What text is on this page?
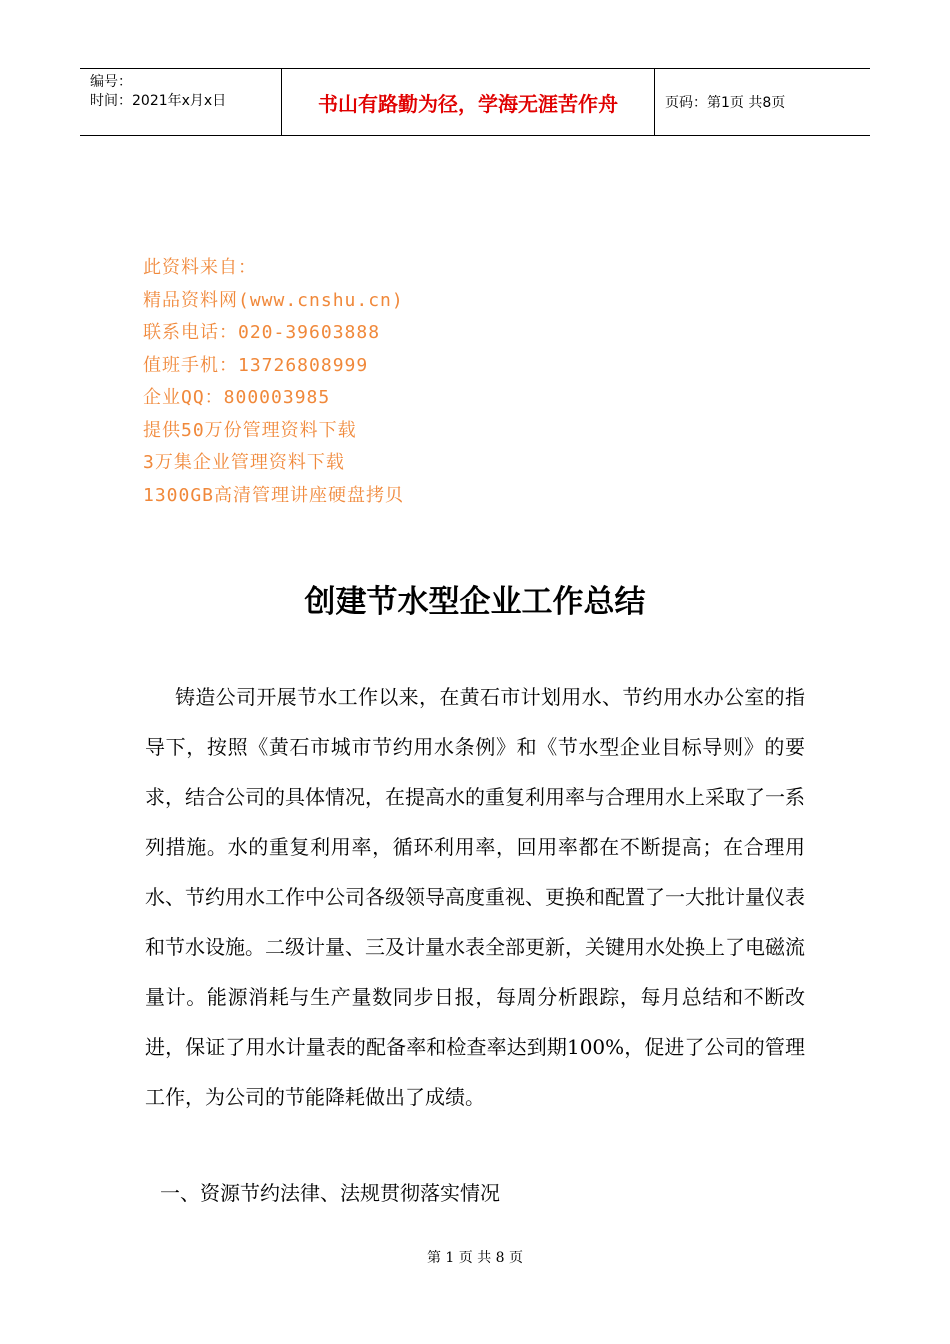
编号：
时间：2021年x月x日	书山有路勤为径，学海无涯苦作舟	页码：第1页 共8页
此资料来自：
精品资料网(www.cnshu.cn)
联系电话：020-39603888
值班手机：13726808999
企业QQ：800003985
提供50万份管理资料下载
3万集企业管理资料下载
1300GB高清管理讲座硬盘拷贝
创建节水型企业工作总结

铸造公司开展节水工作以来，在黄石市计划用水、节约用水办公室的指导下，按照《黄石市城市节约用水条例》和《节水型企业目标导则》的要求，结合公司的具体情况，在提高水的重复利用率与合理用水上采取了一系列措施。水的重复利用率，循环利用率，回用率都在不断提高；在合理用水、节约用水工作中公司各级领导高度重视、更换和配置了一大批计量仪表和节水设施。二级计量、三及计量水表全部更新，关键用水处换上了电磁流量计。能源消耗与生产量数同步日报，每周分析跟踪，每月总结和不断改进，保证了用水计量表的配备率和检查率达到期100%，促进了公司的管理工作，为公司的节能降耗做出了成绩。

一、资源节约法律、法规贯彻落实情况
第 1 页 共 8 页
